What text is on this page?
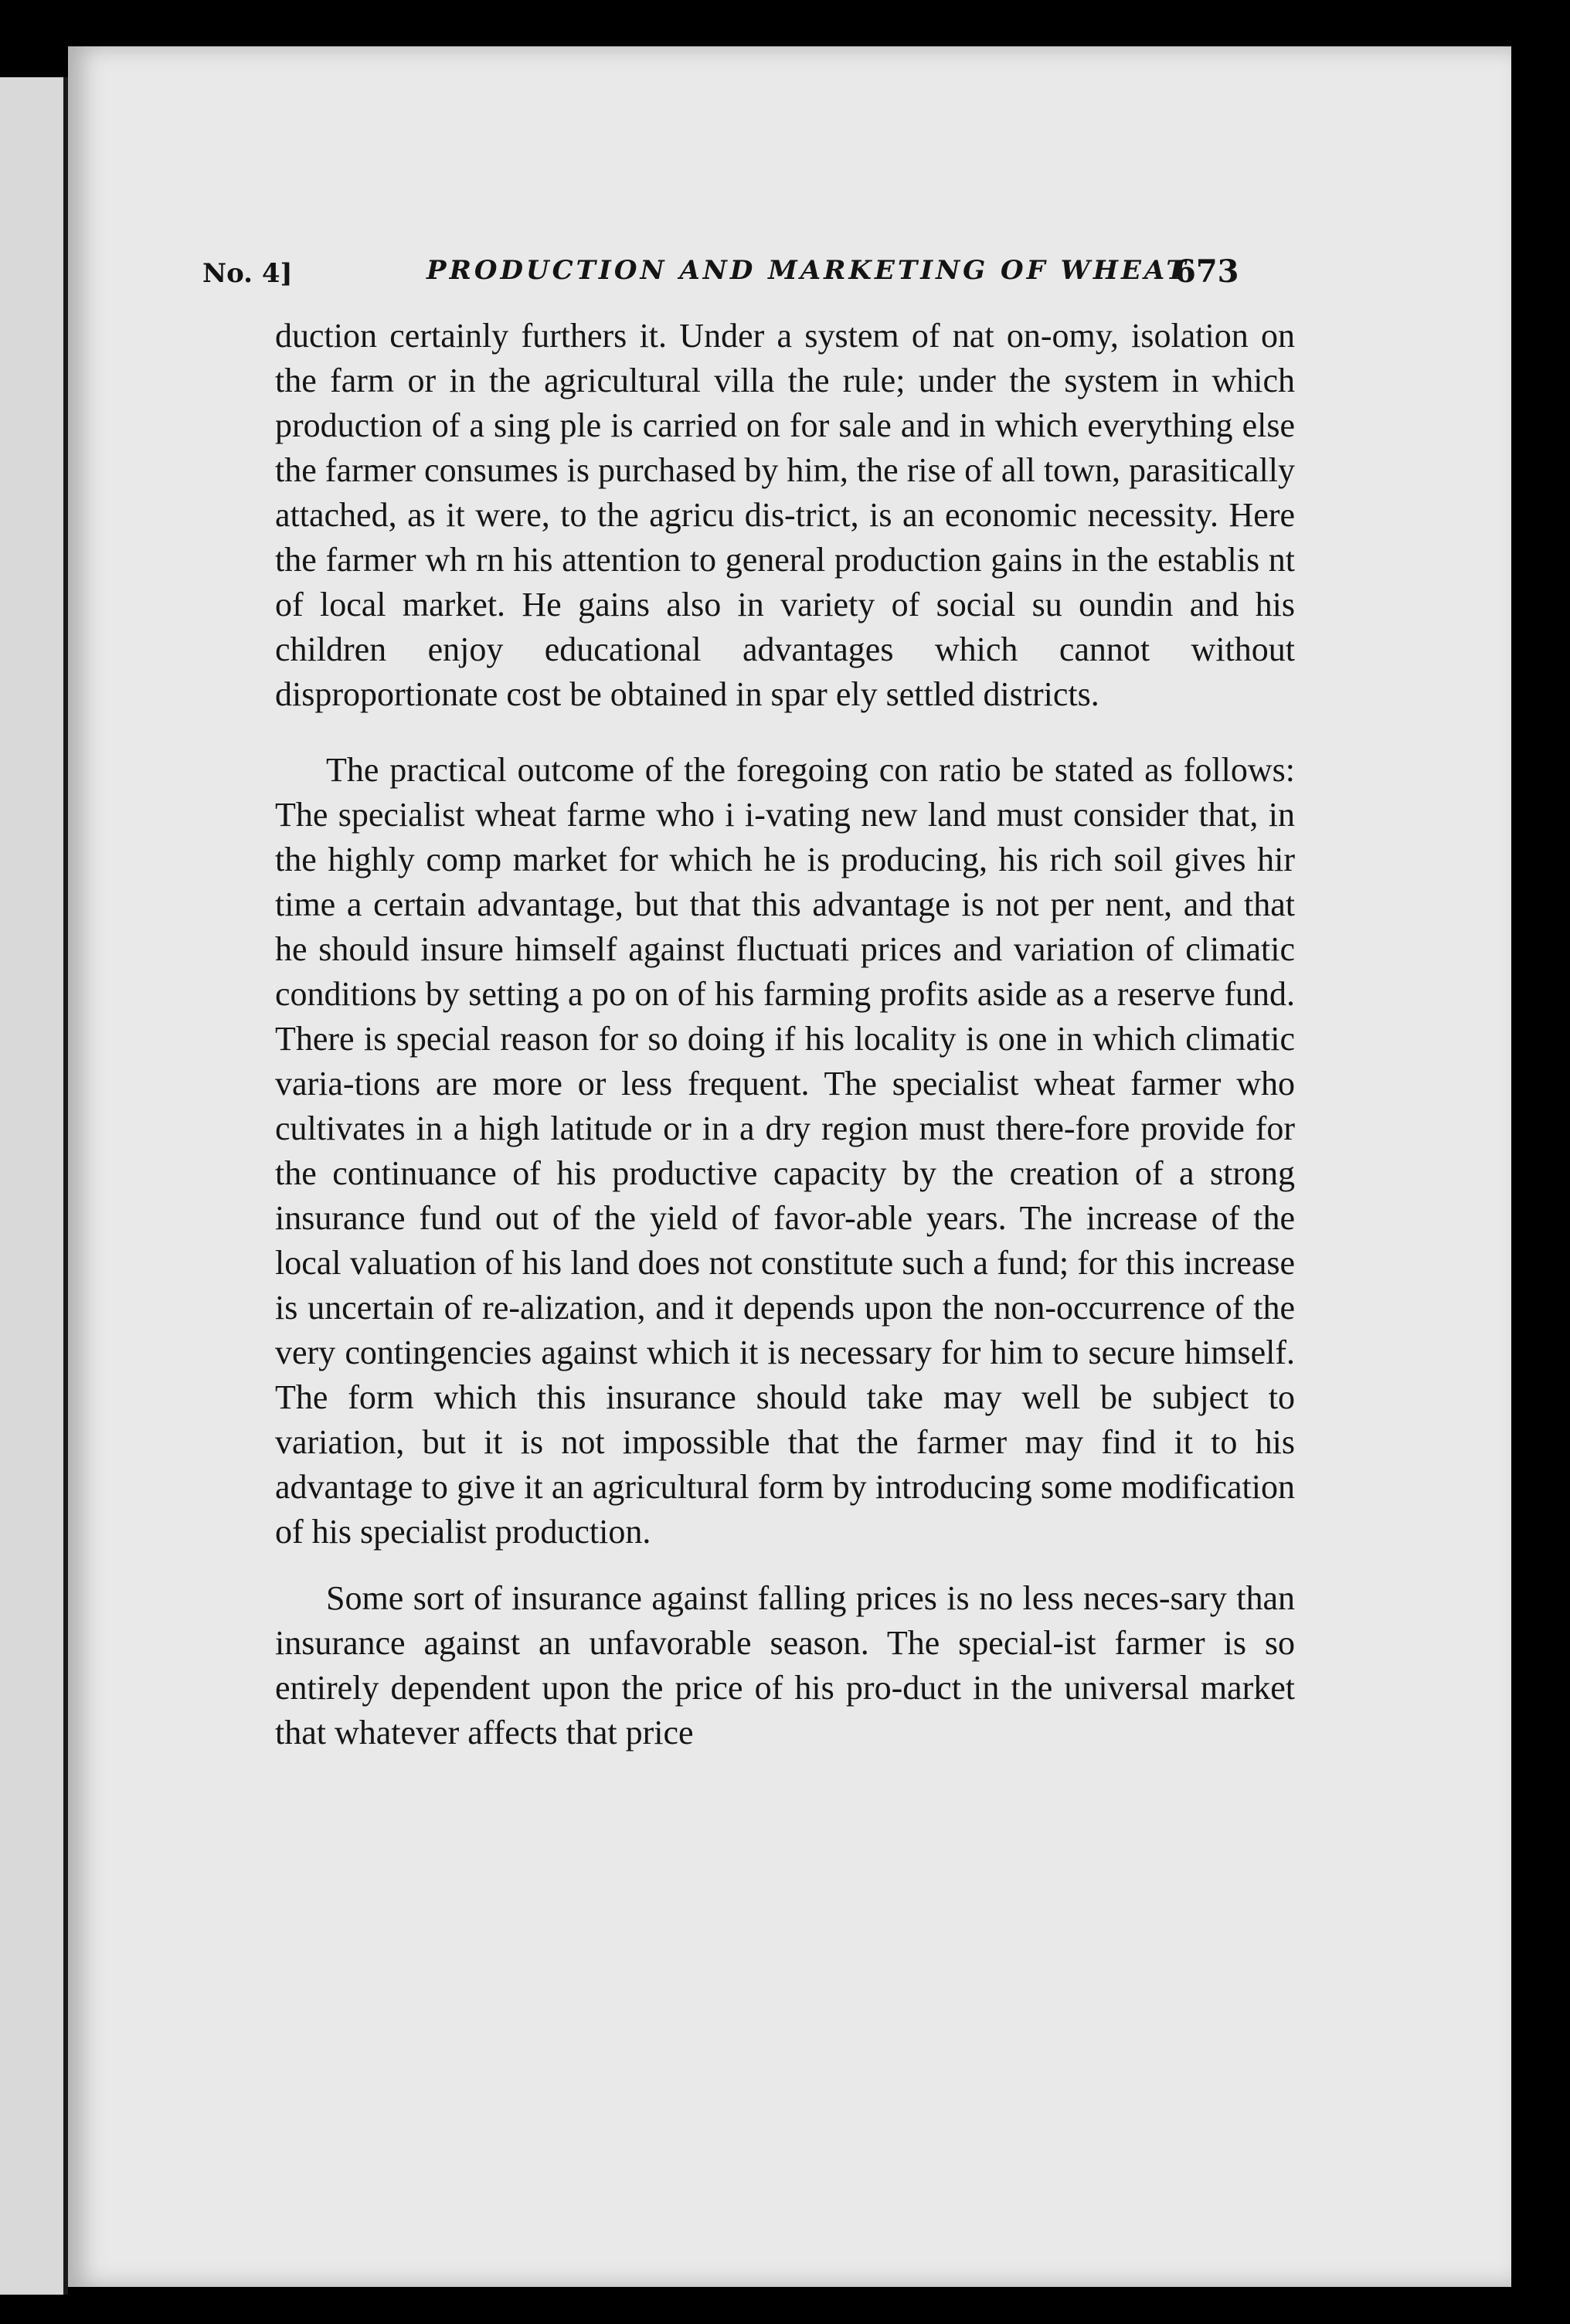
No. 4]	PRODUCTION AND MARKETING OF WHEAT
673

duction certainly furthers it. Under a system of nat on-omy, isolation on the farm or in the agricultural villa the rule; under the system in which production of a sing ple is carried on for sale and in which everything else the farmer consumes is purchased by him, the rise of all town, parasitically attached, as it were, to the agricu dis-trict, is an economic necessity. Here the farmer wh rn his attention to general production gains in the establis nt of local market. He gains also in variety of social su oundin and his children enjoy educational advantages which cannot without disproportionate cost be obtained in spar ely settled districts.

The practical outcome of the foregoing con ratio be stated as follows: The specialist wheat farme who i i-vating new land must consider that, in the highly comp market for which he is producing, his rich soil gives hir time a certain advantage, but that this advantage is not per nent, and that he should insure himself against fluctuati prices and variation of climatic conditions by setting a po on of his farming profits aside as a reserve fund. There is special reason for so doing if his locality is one in which climatic varia-tions are more or less frequent. The specialist wheat farmer who cultivates in a high latitude or in a dry region must there-fore provide for the continuance of his productive capacity by the creation of a strong insurance fund out of the yield of favor-able years. The increase of the local valuation of his land does not constitute such a fund; for this increase is uncertain of re-alization, and it depends upon the non-occurrence of the very contingencies against which it is necessary for him to secure himself. The form which this insurance should take may well be subject to variation, but it is not impossible that the farmer may find it to his advantage to give it an agricultural form by introducing some modification of his specialist production.

Some sort of insurance against falling prices is no less neces-sary than insurance against an unfavorable season. The special-ist farmer is so entirely dependent upon the price of his pro-duct in the universal market that whatever affects that price
